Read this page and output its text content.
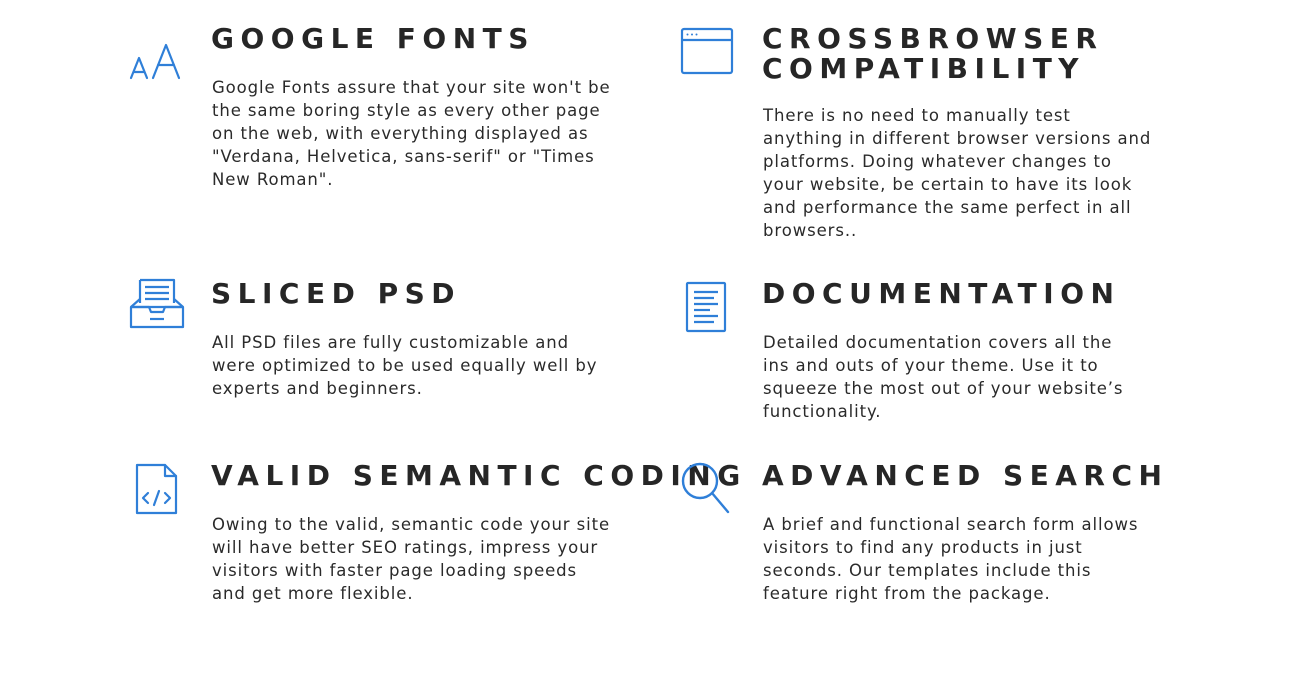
GOOGLE FONTS

Google Fonts assure that your site won't be the same boring style as every other page on the web, with everything displayed as "Verdana, Helvetica, sans-serif" or "Times New Roman".

CROSSBROWSER
COMPATIBILITY

There is no need to manually test anything in different browser versions and platforms. Doing whatever changes to your website, be certain to have its look and performance the same perfect in all browsers..

SLICED PSD

All PSD files are fully customizable and were optimized to be used equally well by experts and beginners.

DOCUMENTATION

Detailed documentation covers all the ins and outs of your theme. Use it to squeeze the most out of your website’s functionality.

VALID SEMANTIC CODING

Owing to the valid, semantic code your site will have better SEO ratings, impress your visitors with faster page loading speeds and get more flexible.

ADVANCED SEARCH

A brief and functional search form allows visitors to find any products in just seconds. Our templates include this feature right from the package.
